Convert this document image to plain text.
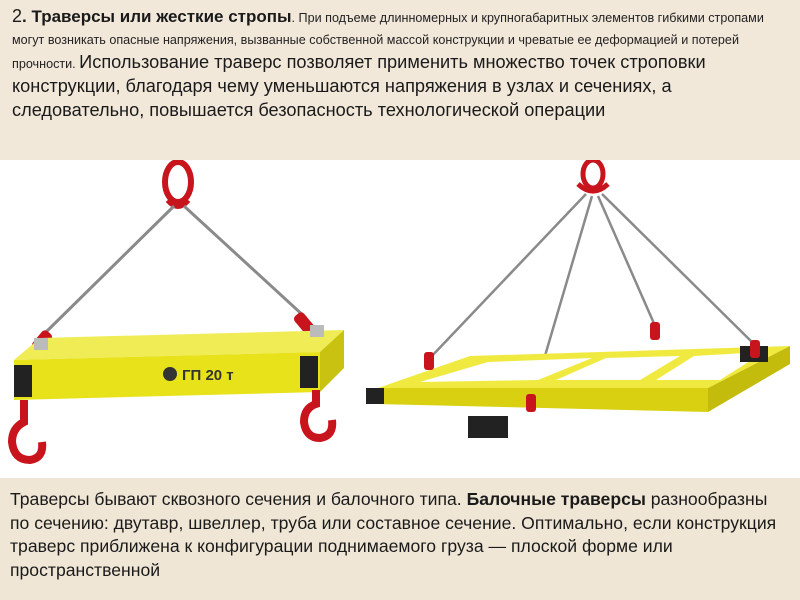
2. Траверсы или жесткие стропы. При подъеме длинномерных и крупногабаритных элементов гибкими стропами могут возникать опасные напряжения, вызванные собственной массой конструкции и чреватые ее деформацией и потерей прочности. Использование траверс позволяет применить множество точек строповки конструкции, благодаря чему уменьшаются напряжения в узлах и сечениях, а следовательно, повышается безопасность технологической операции
ГП 20 т
Траверсы бывают сквозного сечения и балочного типа. Балочные траверсы разнообразны по сечению: двутавр, швеллер, труба или составное сечение. Оптимально, если конструкция траверс приближена к конфигурации поднимаемого груза — плоской форме или пространственной
